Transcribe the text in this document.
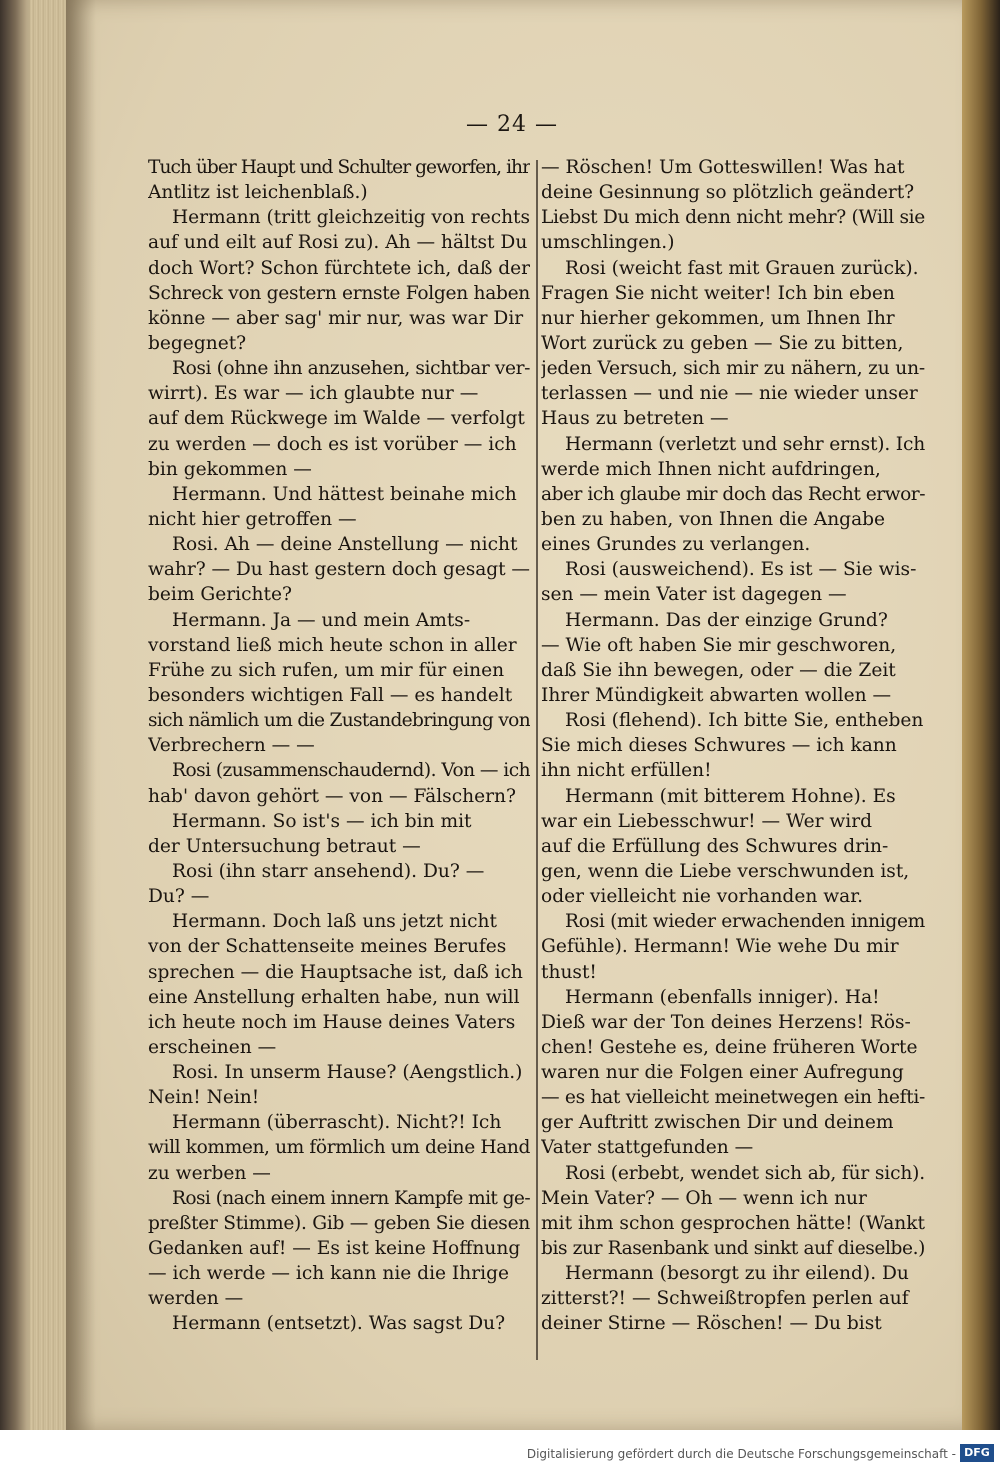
— 24 —
Tuch über Haupt und Schulter geworfen, ihr
Antlitz ist leichenblaß.)
Hermann (tritt gleichzeitig von rechts
auf und eilt auf Rosi zu). Ah — hältst Du
doch Wort? Schon fürchtete ich, daß der
Schreck von gestern ernste Folgen haben
könne — aber sag' mir nur, was war Dir
begegnet?
Rosi (ohne ihn anzusehen, sichtbar ver-
wirrt). Es war — ich glaubte nur —
auf dem Rückwege im Walde — verfolgt
zu werden — doch es ist vorüber — ich
bin gekommen —
Hermann. Und hättest beinahe mich
nicht hier getroffen —
Rosi. Ah — deine Anstellung — nicht
wahr? — Du hast gestern doch gesagt —
beim Gerichte?
Hermann. Ja — und mein Amts-
vorstand ließ mich heute schon in aller
Frühe zu sich rufen, um mir für einen
besonders wichtigen Fall — es handelt
sich nämlich um die Zustandebringung von
Verbrechern — —
Rosi (zusammenschaudernd). Von — ich
hab' davon gehört — von — Fälschern?
Hermann. So ist's — ich bin mit
der Untersuchung betraut —
Rosi (ihn starr ansehend). Du? —
Du? —
Hermann. Doch laß uns jetzt nicht
von der Schattenseite meines Berufes
sprechen — die Hauptsache ist, daß ich
eine Anstellung erhalten habe, nun will
ich heute noch im Hause deines Vaters
erscheinen —
Rosi. In unserm Hause? (Aengstlich.)
Nein! Nein!
Hermann (überrascht). Nicht?! Ich
will kommen, um förmlich um deine Hand
zu werben —
Rosi (nach einem innern Kampfe mit ge-
preßter Stimme). Gib — geben Sie diesen
Gedanken auf! — Es ist keine Hoffnung
— ich werde — ich kann nie die Ihrige
werden —
Hermann (entsetzt). Was sagst Du?
— Röschen! Um Gotteswillen! Was hat
deine Gesinnung so plötzlich geändert?
Liebst Du mich denn nicht mehr? (Will sie
umschlingen.)
Rosi (weicht fast mit Grauen zurück).
Fragen Sie nicht weiter! Ich bin eben
nur hierher gekommen, um Ihnen Ihr
Wort zurück zu geben — Sie zu bitten,
jeden Versuch, sich mir zu nähern, zu un-
terlassen — und nie — nie wieder unser
Haus zu betreten —
Hermann (verletzt und sehr ernst). Ich
werde mich Ihnen nicht aufdringen,
aber ich glaube mir doch das Recht erwor-
ben zu haben, von Ihnen die Angabe
eines Grundes zu verlangen.
Rosi (ausweichend). Es ist — Sie wis-
sen — mein Vater ist dagegen —
Hermann. Das der einzige Grund?
— Wie oft haben Sie mir geschworen,
daß Sie ihn bewegen, oder — die Zeit
Ihrer Mündigkeit abwarten wollen —
Rosi (flehend). Ich bitte Sie, entheben
Sie mich dieses Schwures — ich kann
ihn nicht erfüllen!
Hermann (mit bitterem Hohne). Es
war ein Liebesschwur! — Wer wird
auf die Erfüllung des Schwures drin-
gen, wenn die Liebe verschwunden ist,
oder vielleicht nie vorhanden war.
Rosi (mit wieder erwachenden innigem
Gefühle). Hermann! Wie wehe Du mir
thust!
Hermann (ebenfalls inniger). Ha!
Dieß war der Ton deines Herzens! Rös-
chen! Gestehe es, deine früheren Worte
waren nur die Folgen einer Aufregung
— es hat vielleicht meinetwegen ein hefti-
ger Auftritt zwischen Dir und deinem
Vater stattgefunden —
Rosi (erbebt, wendet sich ab, für sich).
Mein Vater? — Oh — wenn ich nur
mit ihm schon gesprochen hätte! (Wankt
bis zur Rasenbank und sinkt auf dieselbe.)
Hermann (besorgt zu ihr eilend). Du
zitterst?! — Schweißtropfen perlen auf
deiner Stirne — Röschen! — Du bist
Digitalisierung gefördert durch die Deutsche Forschungsgemeinschaft - DFG
